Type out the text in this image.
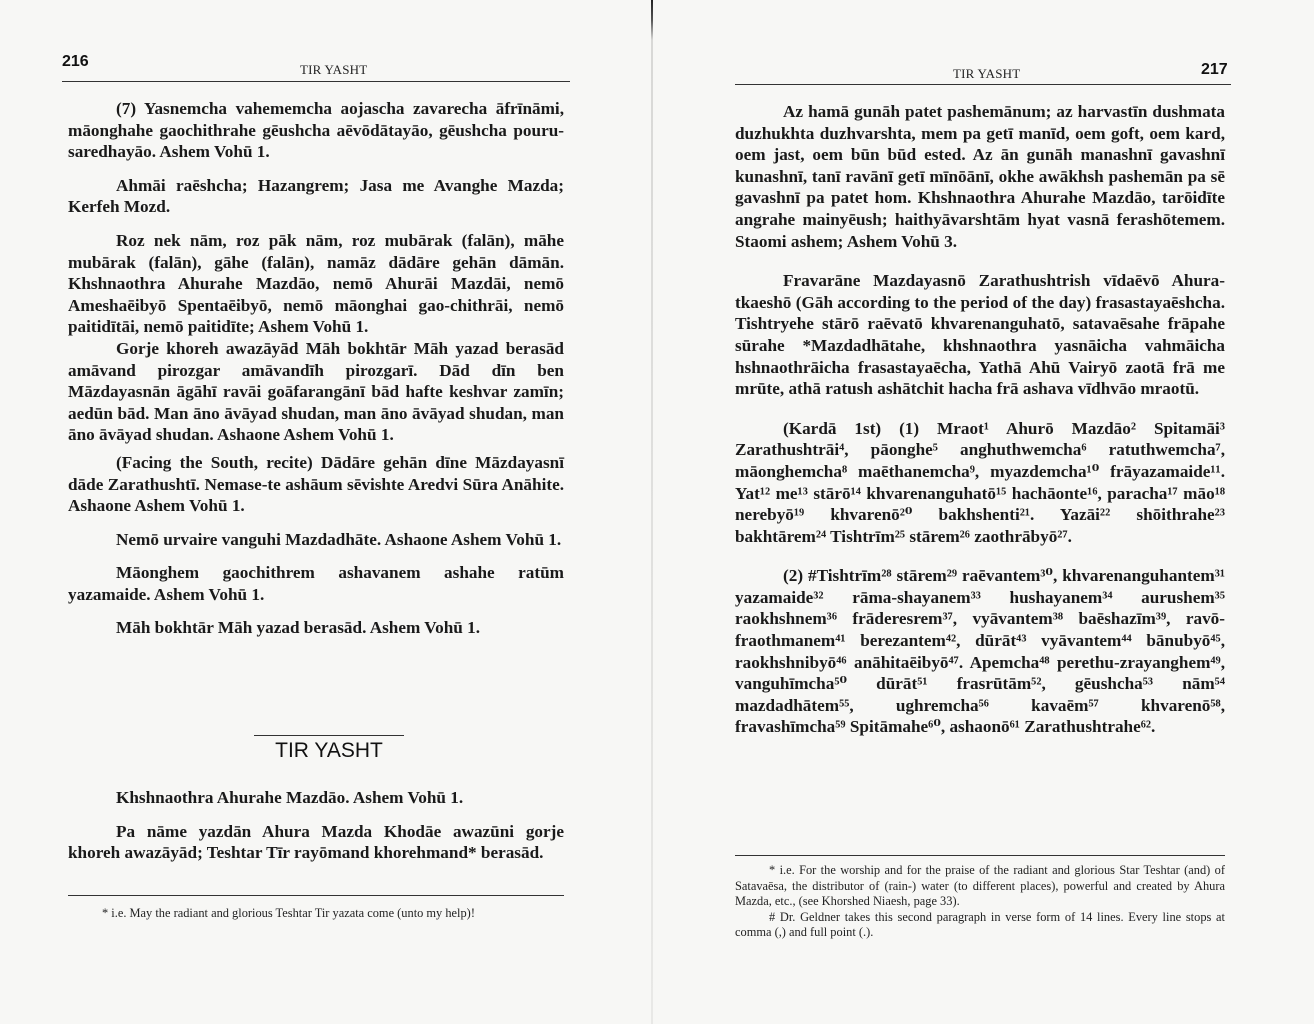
216	TIR YASHT

(7) Yasnemcha vahememcha aojascha zavarecha āfrīnāmi, māonghahe gaochithrahe gēushcha aēvōdātayāo, gēushcha pouru-saredhayāo. Ashem Vohū 1.

Ahmāi raēshcha; Hazangrem; Jasa me Avanghe Mazda; Kerfeh Mozd.

Roz nek nām, roz pāk nām, roz mubārak (falān), māhe mubārak (falān), gāhe (falān), namāz dādāre gehān dāmān. Khshnaothra Ahurahe Mazdāo, nemō Ahurāi Mazdāi, nemō Ameshaēibyō Spentaēibyō, nemō māonghai gao-chithrāi, nemō paitidītāi, nemō paitidīte; Ashem Vohū 1.

Gorje khoreh awazāyād Māh bokhtār Māh yazad berasād amāvand pirozgar amāvandīh pirozgarī. Dād dīn ben Māzdayasnān āgāhī ravāi goāfarangānī bād hafte keshvar zamīn; aedūn bād. Man āno āvāyad shudan, man āno āvāyad shudan, man āno āvāyad shudan. Ashaone Ashem Vohū 1.

(Facing the South, recite) Dādāre gehān dīne Māzdayasnī dāde Zarathushtī. Nemase-te ashāum sēvishte Aredvi Sūra Anāhite. Ashaone Ashem Vohū 1.

Nemō urvaire vanguhi Mazdadhāte. Ashaone Ashem Vohū 1.

Māonghem gaochithrem ashavanem ashahe ratūm yazamaide. Ashem Vohū 1.

Māh bokhtār Māh yazad berasād. Ashem Vohū 1.

TIR YASHT

Khshnaothra Ahurahe Mazdāo. Ashem Vohū 1.

Pa nāme yazdān Ahura Mazda Khodāe awazūni gorje khoreh awazāyād; Teshtar Tīr rayōmand khorehmand* berasād.

* i.e. May the radiant and glorious Teshtar Tir yazata come (unto my help)!

TIR YASHT	217

Az hamā gunāh patet pashemānum; az harvastīn dushmata duzhukhta duzhvarshta, mem pa getī manīd, oem goft, oem kard, oem jast, oem būn būd ested. Az ān gunāh manashnī gavashnī kunashnī, tanī ravānī getī mīnōānī, okhe awākhsh pashemān pa sē gavashnī pa patet hom. Khshnaothra Ahurahe Mazdāo, tarōidīte angrahe mainyēush; haithyāvarshtām hyat vasnā ferashōtemem. Staomi ashem; Ashem Vohū 3.

Fravarāne Mazdayasnō Zarathushtrish vīdaēvō Ahura-tkaeshō (Gāh according to the period of the day) frasastayaēshcha. Tishtryehe stārō raēvatō khvarenanguhatō, satavaēsahe frāpahe sūrahe *Mazdadhātahe, khshnaothra yasnāicha vahmāicha hshnaothrāicha frasastayaēcha, Yathā Ahū Vairyō zaotā frā me mrūte, athā ratush ashātchit hacha frā ashava vīdhvāo mraotū.

(Kardā 1st) (1) Mraot¹ Ahurō Mazdāo² Spitamāi³ Zarathushtrāi⁴, pāonghe⁵ anghuthwemcha⁶ ratuthwemcha⁷, māonghemcha⁸ maēthanemcha⁹, myazdemcha¹⁰ frāyazamaide¹¹. Yat¹² me¹³ stārō¹⁴ khvarenanguhatō¹⁵ hachāonte¹⁶, paracha¹⁷ māo¹⁸ nerebyō¹⁹ khvarenō²⁰ bakhshenti²¹. Yazāi²² shōithrahe²³ bakhtārem²⁴ Tishtrīm²⁵ stārem²⁶ zaothrābyō²⁷.

(2) #Tishtrīm²⁸ stārem²⁹ raēvantem³⁰, khvarenanguhantem³¹ yazamaide³² rāma-shayanem³³ hushayanem³⁴ aurushem³⁵ raokhshnem³⁶ frāderesrem³⁷, vyāvantem³⁸ baēshazīm³⁹, ravō-fraothmanem⁴¹ berezantem⁴², dūrāt⁴³ vyāvantem⁴⁴ bānubyō⁴⁵, raokhshnibyō⁴⁶ anāhitaēibyō⁴⁷. Apemcha⁴⁸ perethu-zrayanghem⁴⁹, vanguhīmcha⁵⁰ dūrāt⁵¹ frasrūtām⁵², gēushcha⁵³ nām⁵⁴ mazdadhātem⁵⁵, ughremcha⁵⁶ kavaēm⁵⁷ khvarenō⁵⁸, fravashīmcha⁵⁹ Spitāmahe⁶⁰, ashaonō⁶¹ Zarathushtrahe⁶².

* i.e. For the worship and for the praise of the radiant and glorious Star Teshtar (and) of Satavaēsa, the distributor of (rain-) water (to different places), powerful and created by Ahura Mazda, etc., (see Khorshed Niaesh, page 33).

# Dr. Geldner takes this second paragraph in verse form of 14 lines. Every line stops at comma (,) and full point (.).
